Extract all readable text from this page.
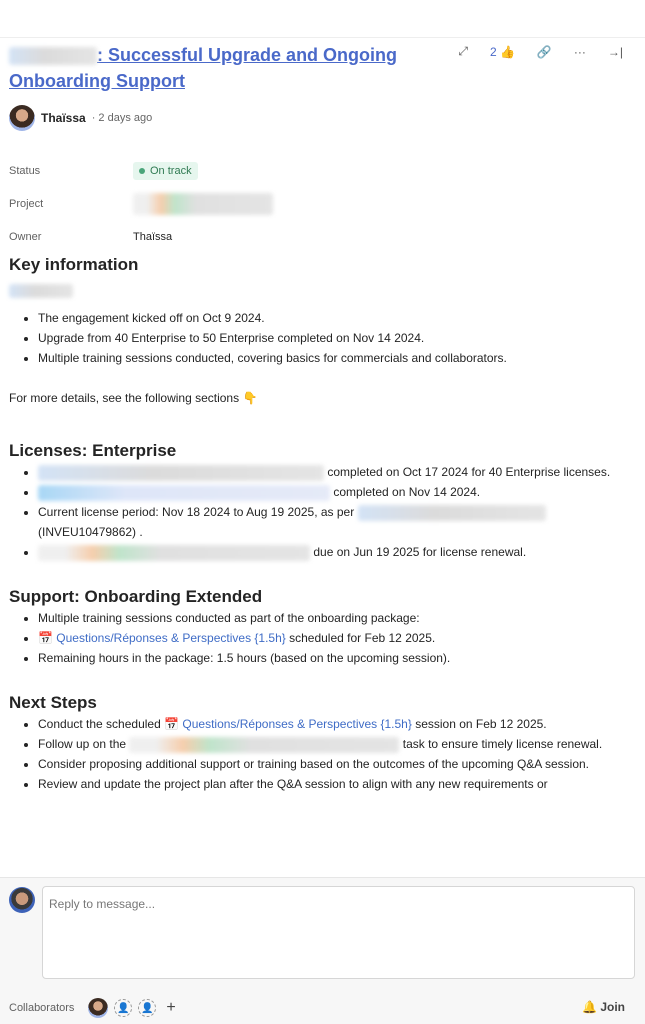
: Successful Upgrade and Ongoing Onboarding Support
⤢ 2 👍 🔗 ··· →|
Thaïssa · 2 days ago
Status	On track
Project
Owner	Thaïssa
Key information
• The engagement kicked off on Oct 9 2024.
• Upgrade from 40 Enterprise to 50 Enterprise completed on Nov 14 2024.
• Multiple training sessions conducted, covering basics for commercials and collaborators.

For more details, see the following sections 👇

Licenses: Enterprise
• completed on Oct 17 2024 for 40 Enterprise licenses.
• completed on Nov 14 2024.
• Current license period: Nov 18 2024 to Aug 19 2025, as per
(INVEU10479862) .
• due on Jun 19 2025 for license renewal.
Support: Onboarding Extended
• Multiple training sessions conducted as part of the onboarding package:
• 📅 Questions/Réponses & Perspectives {1.5h} scheduled for Feb 12 2025.
• Remaining hours in the package: 1.5 hours (based on the upcoming session).
Next Steps
• Conduct the scheduled 📅 Questions/Réponses & Perspectives {1.5h} session on Feb 12 2025.
• Follow up on the	task to ensure timely license renewal.
• Consider proposing additional support or training based on the outcomes of the upcoming Q&A session.
• Review and update the project plan after the Q&A session to align with any new requirements or
Reply to message...
Collaborators	👤 👤 +	🔔 Join
